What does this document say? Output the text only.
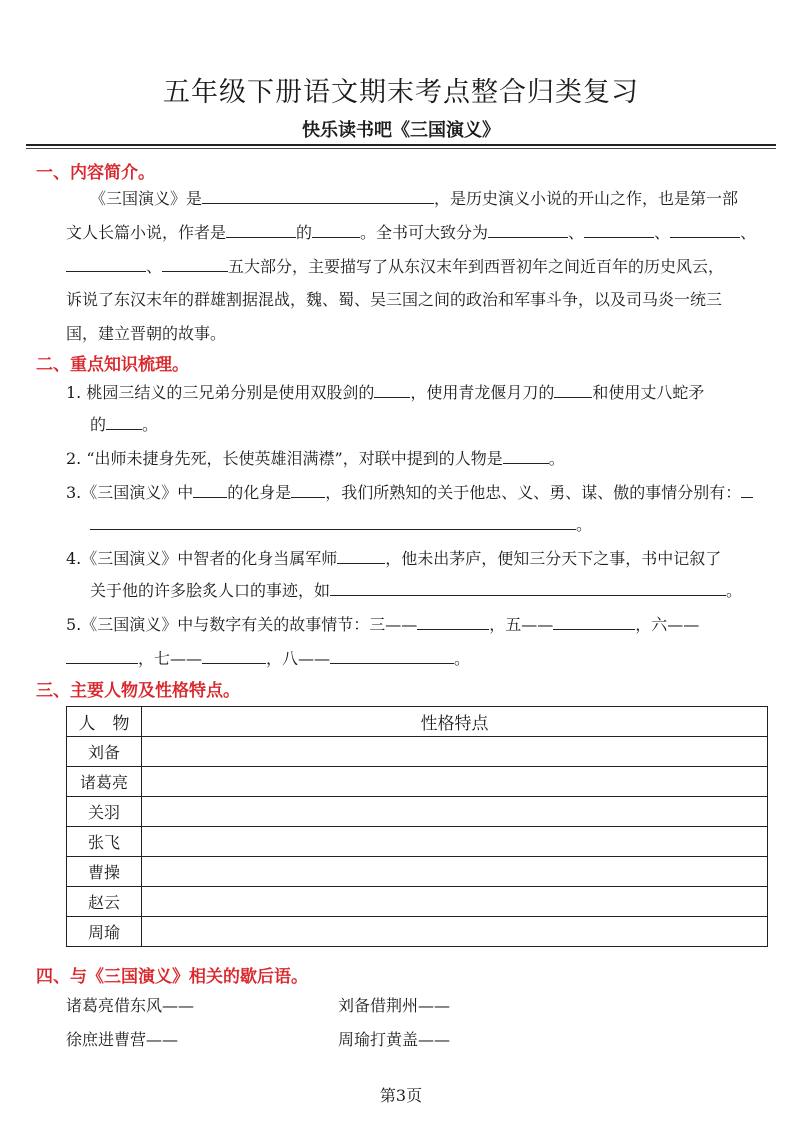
五年级下册语文期末考点整合归类复习
快乐读书吧《三国演义》
一、内容简介。
《三国演义》是	，是历史演义小说的开山之作，也是第一部
文人长篇小说，作者是	的	。全书可大致分为	、	、	、
、	五大部分，主要描写了从东汉末年到西晋初年之间近百年的历史风云，
诉说了东汉末年的群雄割据混战，魏、蜀、吴三国之间的政治和军事斗争，以及司马炎一统三
国，建立晋朝的故事。
二、重点知识梳理。
1. 桃园三结义的三兄弟分别是使用双股剑的 ，使用青龙偃月刀的 和使用丈八蛇矛
的 。
2. “出师未捷身先死，长使英雄泪满襟”，对联中提到的人物是	。
3.《三国演义》中 的化身是 ，我们所熟知的关于他忠、义、勇、谋、傲的事情分别有：
。
4.《三国演义》中智者的化身当属军师	，他未出茅庐，便知三分天下之事，书中记叙了
关于他的许多脍炙人口的事迹，如	。
5.《三国演义》中与数字有关的故事情节：三——	，五——	，六——
，七——	，八——	。
三、主要人物及性格特点。
人　物	性格特点
刘备	
诸葛亮	
关羽	
张飞	
曹操	
赵云	
周瑜	
四、与《三国演义》相关的歇后语。
诸葛亮借东风——	刘备借荆州——
徐庶进曹营——	周瑜打黄盖——
第3页
